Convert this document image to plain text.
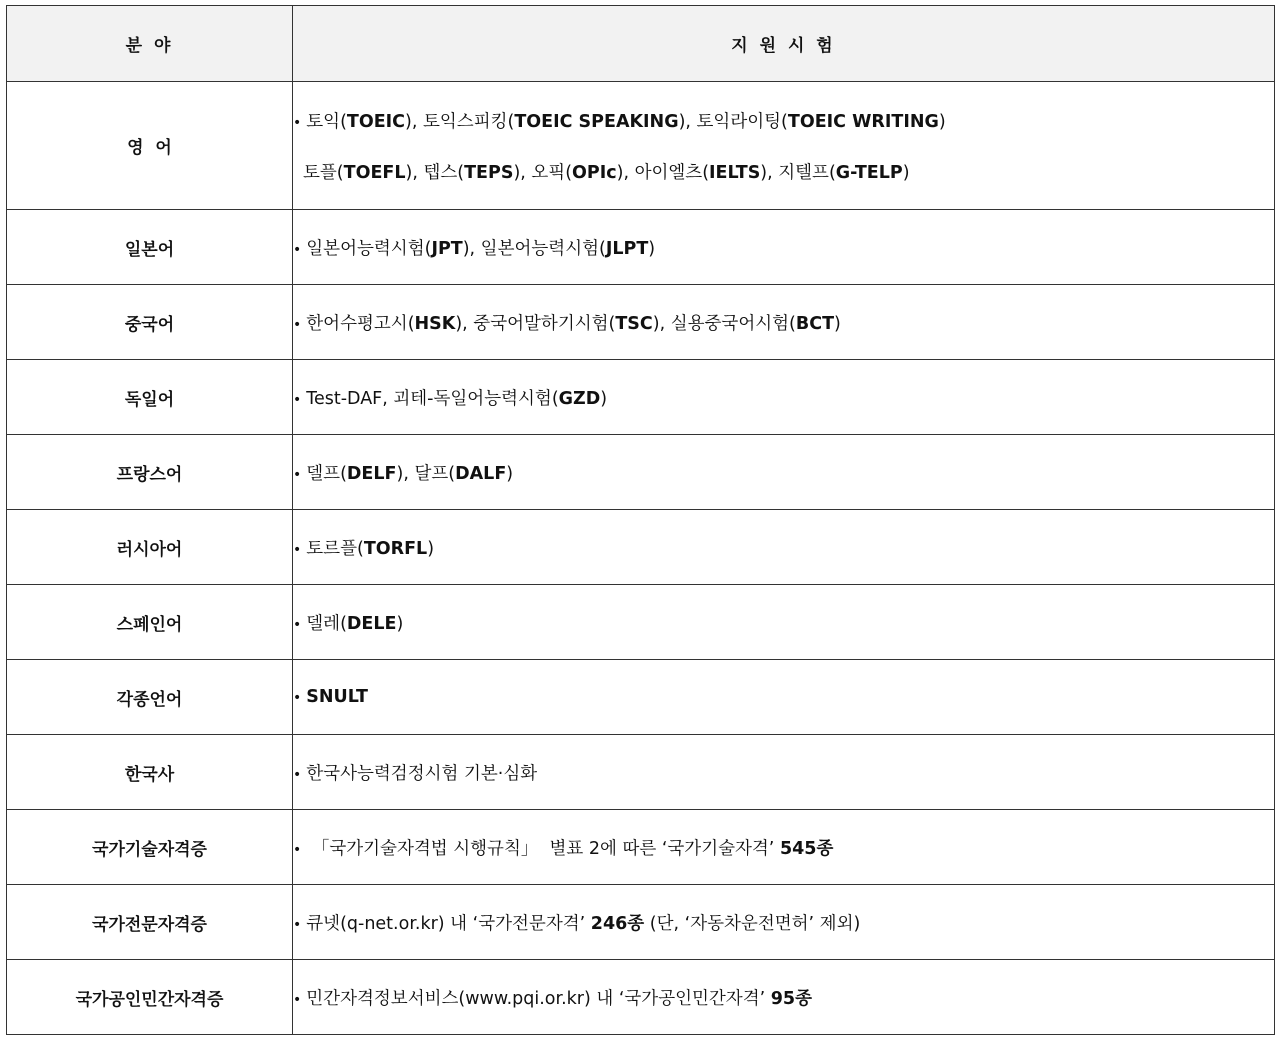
분 야	지 원 시 험
영  어	• 토익(TOEIC), 토익스피킹(TOEIC SPEAKING), 토익라이팅(TOEIC WRITING)
토플(TOEFL), 텝스(TEPS), 오픽(OPIc), 아이엘츠(IELTS), 지텔프(G-TELP)

일본어	• 일본어능력시험(JPT), 일본어능력시험(JLPT)

중국어	• 한어수평고시(HSK), 중국어말하기시험(TSC), 실용중국어시험(BCT)

독일어	• Test-DAF, 괴테-독일어능력시험(GZD)

프랑스어	• 델프(DELF), 달프(DALF)

러시아어	• 토르플(TORFL)

스페인어	• 델레(DELE)

각종언어	• SNULT

한국사	• 한국사능력검정시험 기본·심화

국가기술자격증	• 「국가기술자격법 시행규칙」  별표 2에 따른 ‘국가기술자격’ 545종

국가전문자격증	• 큐넷(q-net.or.kr) 내 ‘국가전문자격’ 246종 (단, ‘자동차운전면허’ 제외)

국가공인민간자격증	• 민간자격정보서비스(www.pqi.or.kr) 내 ‘국가공인민간자격’ 95종
